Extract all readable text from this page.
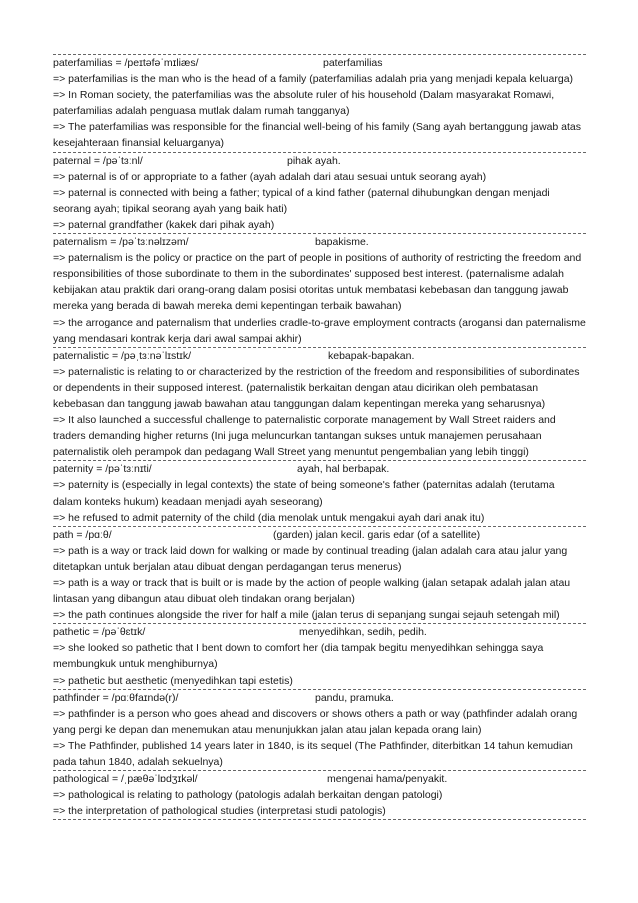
paterfamilias = /peɪtəfəˈmɪliæs/	paterfamilias

=> paterfamilias is the man who is the head of a family (paterfamilias adalah pria yang menjadi kepala keluarga)

=> In Roman society, the paterfamilias was the absolute ruler of his household (Dalam masyarakat Romawi, paterfamilias adalah penguasa mutlak dalam rumah tangganya)

=> The paterfamilias was responsible for the financial well-being of his family (Sang ayah bertanggung jawab atas kesejahteraan finansial keluarganya)

paternal = /pəˈtɜːnl/	pihak ayah.

=> paternal is of or appropriate to a father (ayah adalah dari atau sesuai untuk seorang ayah)

=> paternal is connected with being a father; typical of a kind father (paternal dihubungkan dengan menjadi seorang ayah; tipikal seorang ayah yang baik hati)

=> paternal grandfather (kakek dari pihak ayah)

paternalism = /pəˈtɜːnəlɪzəm/	bapakisme.

=> paternalism is the policy or practice on the part of people in positions of authority of restricting the freedom and responsibilities of those subordinate to them in the subordinates' supposed best interest. (paternalisme adalah kebijakan atau praktik dari orang-orang dalam posisi otoritas untuk membatasi kebebasan dan tanggung jawab mereka yang berada di bawah mereka demi kepentingan terbaik bawahan)

=> the arrogance and paternalism that underlies cradle-to-grave employment contracts (arogansi dan paternalisme yang mendasari kontrak kerja dari awal sampai akhir)

paternalistic = /pəˌtɜːnəˈlɪstɪk/	kebapak-bapakan.

=> paternalistic is relating to or characterized by the restriction of the freedom and responsibilities of subordinates or dependents in their supposed interest. (paternalistik berkaitan dengan atau dicirikan oleh pembatasan kebebasan dan tanggung jawab bawahan atau tanggungan dalam kepentingan mereka yang seharusnya)

=> It also launched a successful challenge to paternalistic corporate management by Wall Street raiders and traders demanding higher returns (Ini juga meluncurkan tantangan sukses untuk manajemen perusahaan paternalistik oleh perampok dan pedagang Wall Street yang menuntut pengembalian yang lebih tinggi)

paternity = /pəˈtɜːnɪti/	ayah, hal berbapak.

=> paternity is (especially in legal contexts) the state of being someone's father (paternitas adalah (terutama dalam konteks hukum) keadaan menjadi ayah seseorang)

=> he refused to admit paternity of the child (dia menolak untuk mengakui ayah dari anak itu)

path = /pɑːθ/	(garden) jalan kecil. garis edar (of a satellite)

=> path is a way or track laid down for walking or made by continual treading (jalan adalah cara atau jalur yang ditetapkan untuk berjalan atau dibuat dengan perdagangan terus menerus)

=> path is a way or track that is built or is made by the action of people walking (jalan setapak adalah jalan atau lintasan yang dibangun atau dibuat oleh tindakan orang berjalan)

=> the path continues alongside the river for half a mile (jalan terus di sepanjang sungai sejauh setengah mil)

pathetic = /pəˈθɛtɪk/	menyedihkan, sedih, pedih.

=> she looked so pathetic that I bent down to comfort her (dia tampak begitu menyedihkan sehingga saya membungkuk untuk menghiburnya)

=> pathetic but aesthetic (menyedihkan tapi estetis)

pathfinder = /pɑːθfaɪndə(r)/	pandu, pramuka.

=> pathfinder is a person who goes ahead and discovers or shows others a path or way (pathfinder adalah orang yang pergi ke depan dan menemukan atau menunjukkan jalan atau jalan kepada orang lain)

=> The Pathfinder, published 14 years later in 1840, is its sequel (The Pathfinder, diterbitkan 14 tahun kemudian pada tahun 1840, adalah sekuelnya)

pathological = /ˌpæθəˈlɒdʒɪkəl/	mengenai hama/penyakit.

=> pathological is relating to pathology (patologis adalah berkaitan dengan patologi)

=> the interpretation of pathological studies (interpretasi studi patologis)
